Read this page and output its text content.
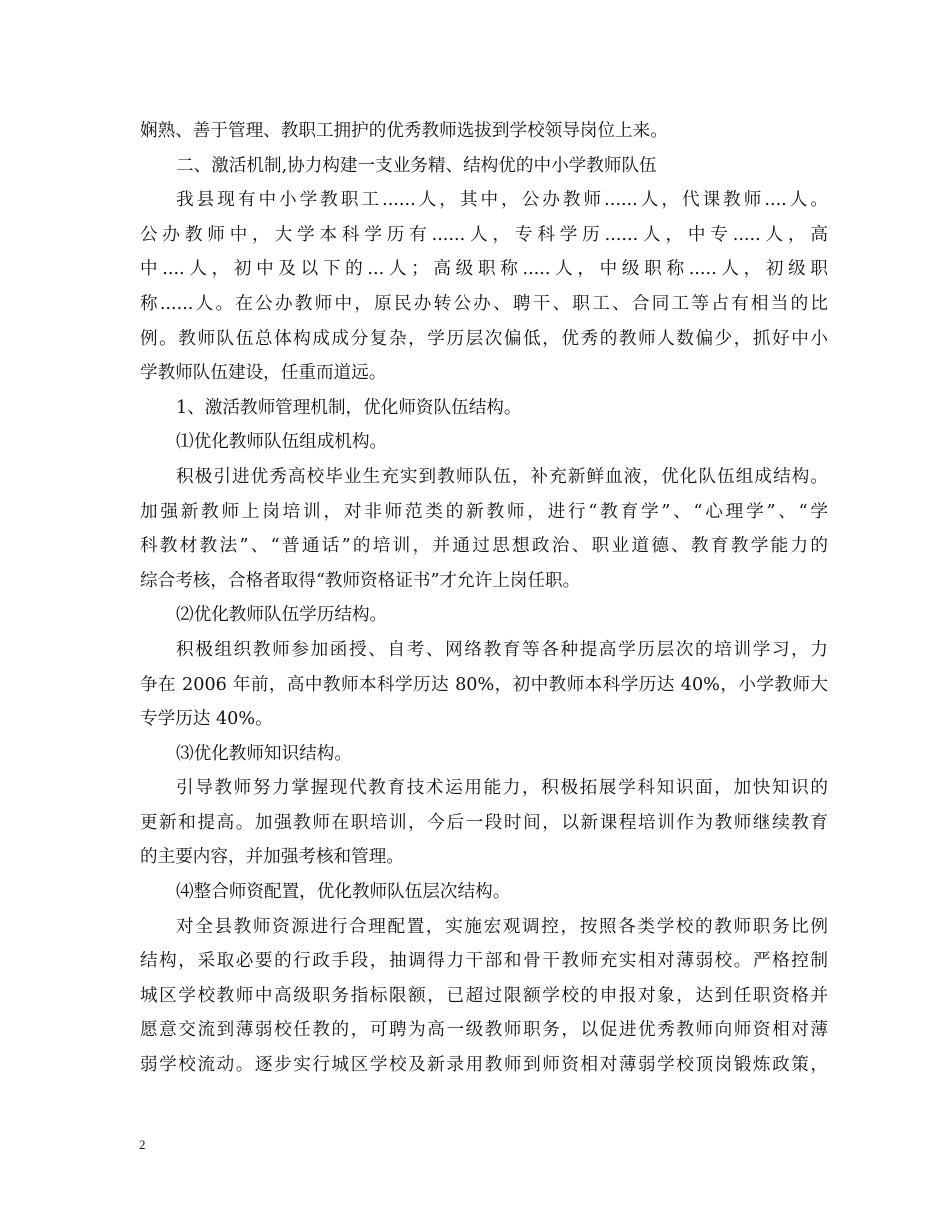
娴熟、善于管理、教职工拥护的优秀教师选拔到学校领导岗位上来。
二、激活机制,协力构建一支业务精、结构优的中小学教师队伍
我县现有中小学教职工......人，其中，公办教师......人，代课教师....人。
公办教师中，大学本科学历有......人，专科学历......人，中专.....人，高
中....人，初中及以下的...人；高级职称.....人，中级职称.....人，初级职
称......人。在公办教师中，原民办转公办、聘干、职工、合同工等占有相当的比
例。教师队伍总体构成成分复杂，学历层次偏低，优秀的教师人数偏少，抓好中小
学教师队伍建设，任重而道远。
1、激活教师管理机制，优化师资队伍结构。
⑴优化教师队伍组成机构。
积极引进优秀高校毕业生充实到教师队伍，补充新鲜血液，优化队伍组成结构。
加强新教师上岗培训，对非师范类的新教师，进行“教育学”、“心理学”、“学
科教材教法”、“普通话”的培训，并通过思想政治、职业道德、教育教学能力的
综合考核，合格者取得“教师资格证书”才允许上岗任职。
⑵优化教师队伍学历结构。
积极组织教师参加函授、自考、网络教育等各种提高学历层次的培训学习，力
争在 2006 年前，高中教师本科学历达 80%，初中教师本科学历达 40%，小学教师大
专学历达 40%。
⑶优化教师知识结构。
引导教师努力掌握现代教育技术运用能力，积极拓展学科知识面，加快知识的
更新和提高。加强教师在职培训，今后一段时间，以新课程培训作为教师继续教育
的主要内容，并加强考核和管理。
⑷整合师资配置，优化教师队伍层次结构。
对全县教师资源进行合理配置，实施宏观调控，按照各类学校的教师职务比例
结构，采取必要的行政手段，抽调得力干部和骨干教师充实相对薄弱校。严格控制
城区学校教师中高级职务指标限额，已超过限额学校的申报对象，达到任职资格并
愿意交流到薄弱校任教的，可聘为高一级教师职务，以促进优秀教师向师资相对薄
弱学校流动。逐步实行城区学校及新录用教师到师资相对薄弱学校顶岗锻炼政策，
2
